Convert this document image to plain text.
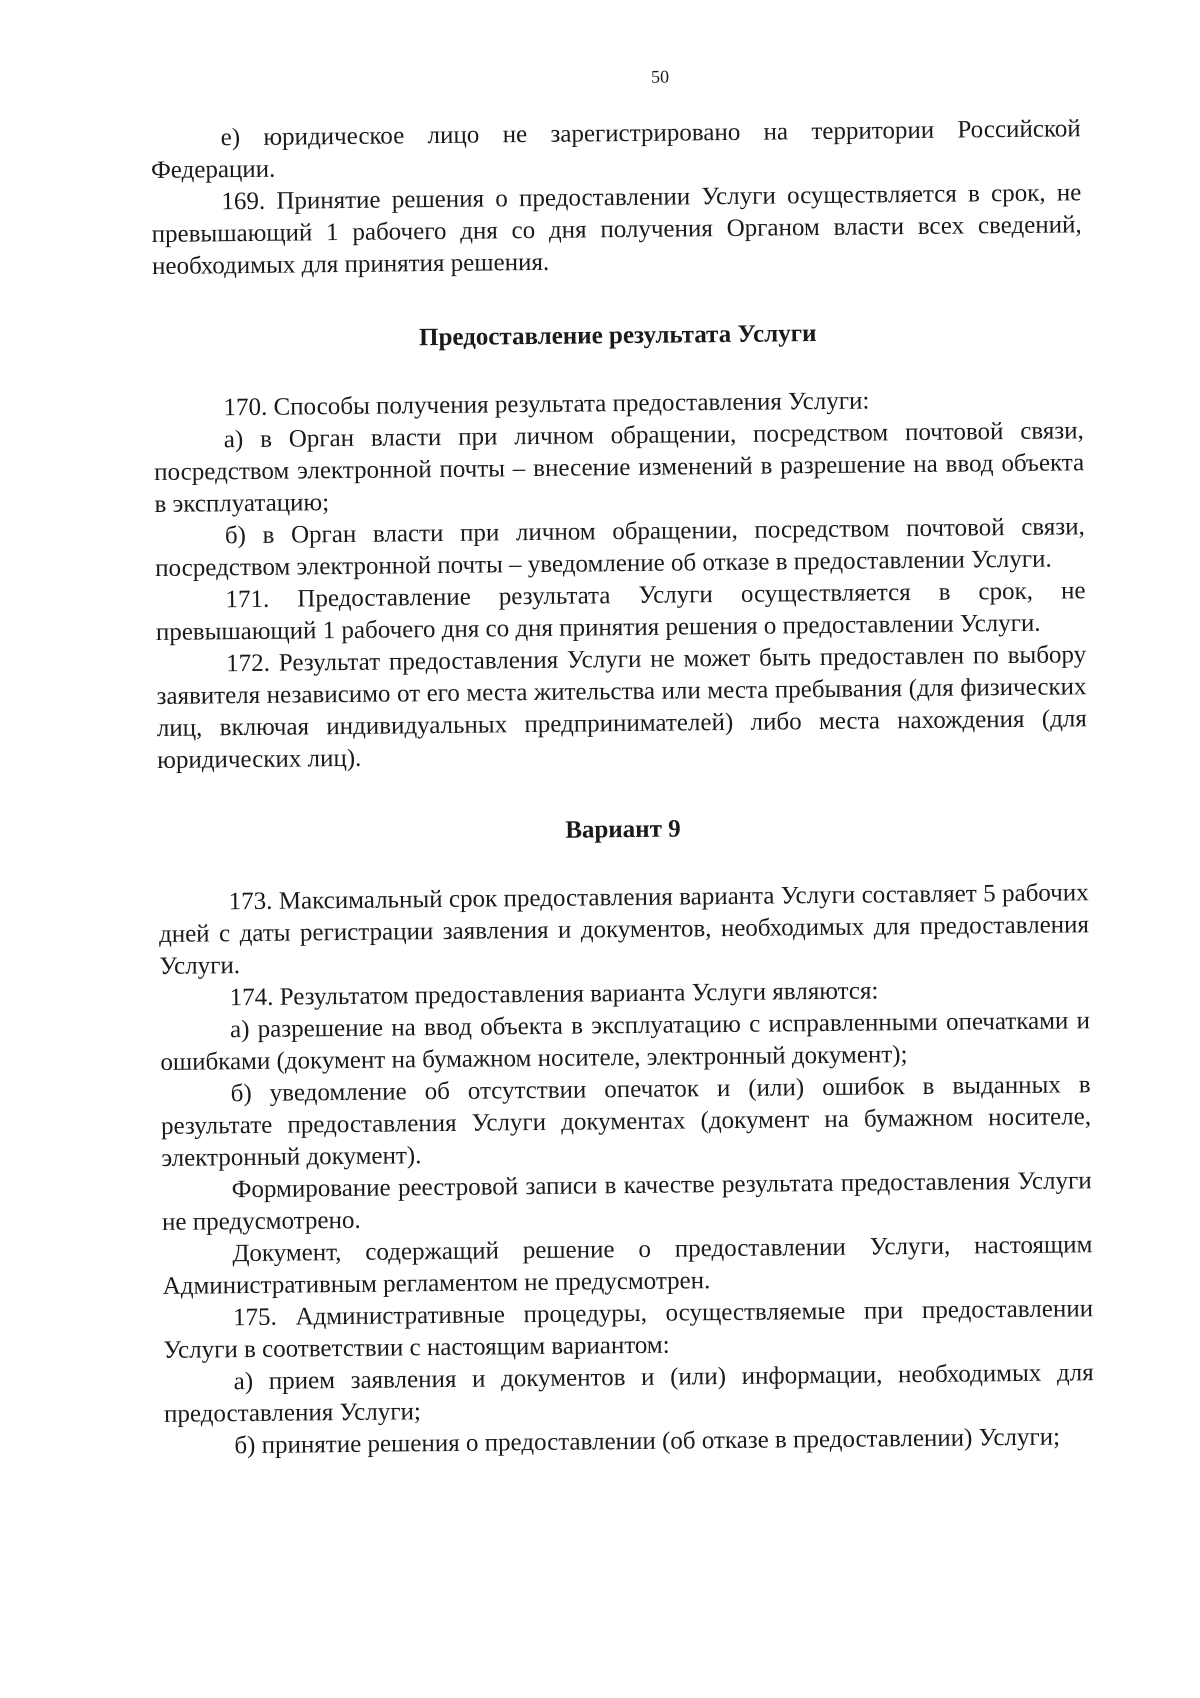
50

е) юридическое лицо не зарегистрировано на территории Российской Федерации.

169. Принятие решения о предоставлении Услуги осуществляется в срок, не превышающий 1 рабочего дня со дня получения Органом власти всех сведений, необходимых для принятия решения.

Предоставление результата Услуги

170. Способы получения результата предоставления Услуги:

а) в Орган власти при личном обращении, посредством почтовой связи, посредством электронной почты – внесение изменений в разрешение на ввод объекта в эксплуатацию;

б) в Орган власти при личном обращении, посредством почтовой связи, посредством электронной почты – уведомление об отказе в предоставлении Услуги.

171. Предоставление результата Услуги осуществляется в срок, не превышающий 1 рабочего дня со дня принятия решения о предоставлении Услуги.

172. Результат предоставления Услуги не может быть предоставлен по выбору заявителя независимо от его места жительства или места пребывания (для физических лиц, включая индивидуальных предпринимателей) либо места нахождения (для юридических лиц).

Вариант 9

173. Максимальный срок предоставления варианта Услуги составляет 5 рабочих дней с даты регистрации заявления и документов, необходимых для предоставления Услуги.

174. Результатом предоставления варианта Услуги являются:

а) разрешение на ввод объекта в эксплуатацию с исправленными опечатками и ошибками (документ на бумажном носителе, электронный документ);

б) уведомление об отсутствии опечаток и (или) ошибок в выданных в результате предоставления Услуги документах (документ на бумажном носителе, электронный документ).

Формирование реестровой записи в качестве результата предоставления Услуги не предусмотрено.

Документ, содержащий решение о предоставлении Услуги, настоящим Административным регламентом не предусмотрен.

175. Административные процедуры, осуществляемые при предоставлении Услуги в соответствии с настоящим вариантом:

а) прием заявления и документов и (или) информации, необходимых для предоставления Услуги;

б) принятие решения о предоставлении (об отказе в предоставлении) Услуги;
